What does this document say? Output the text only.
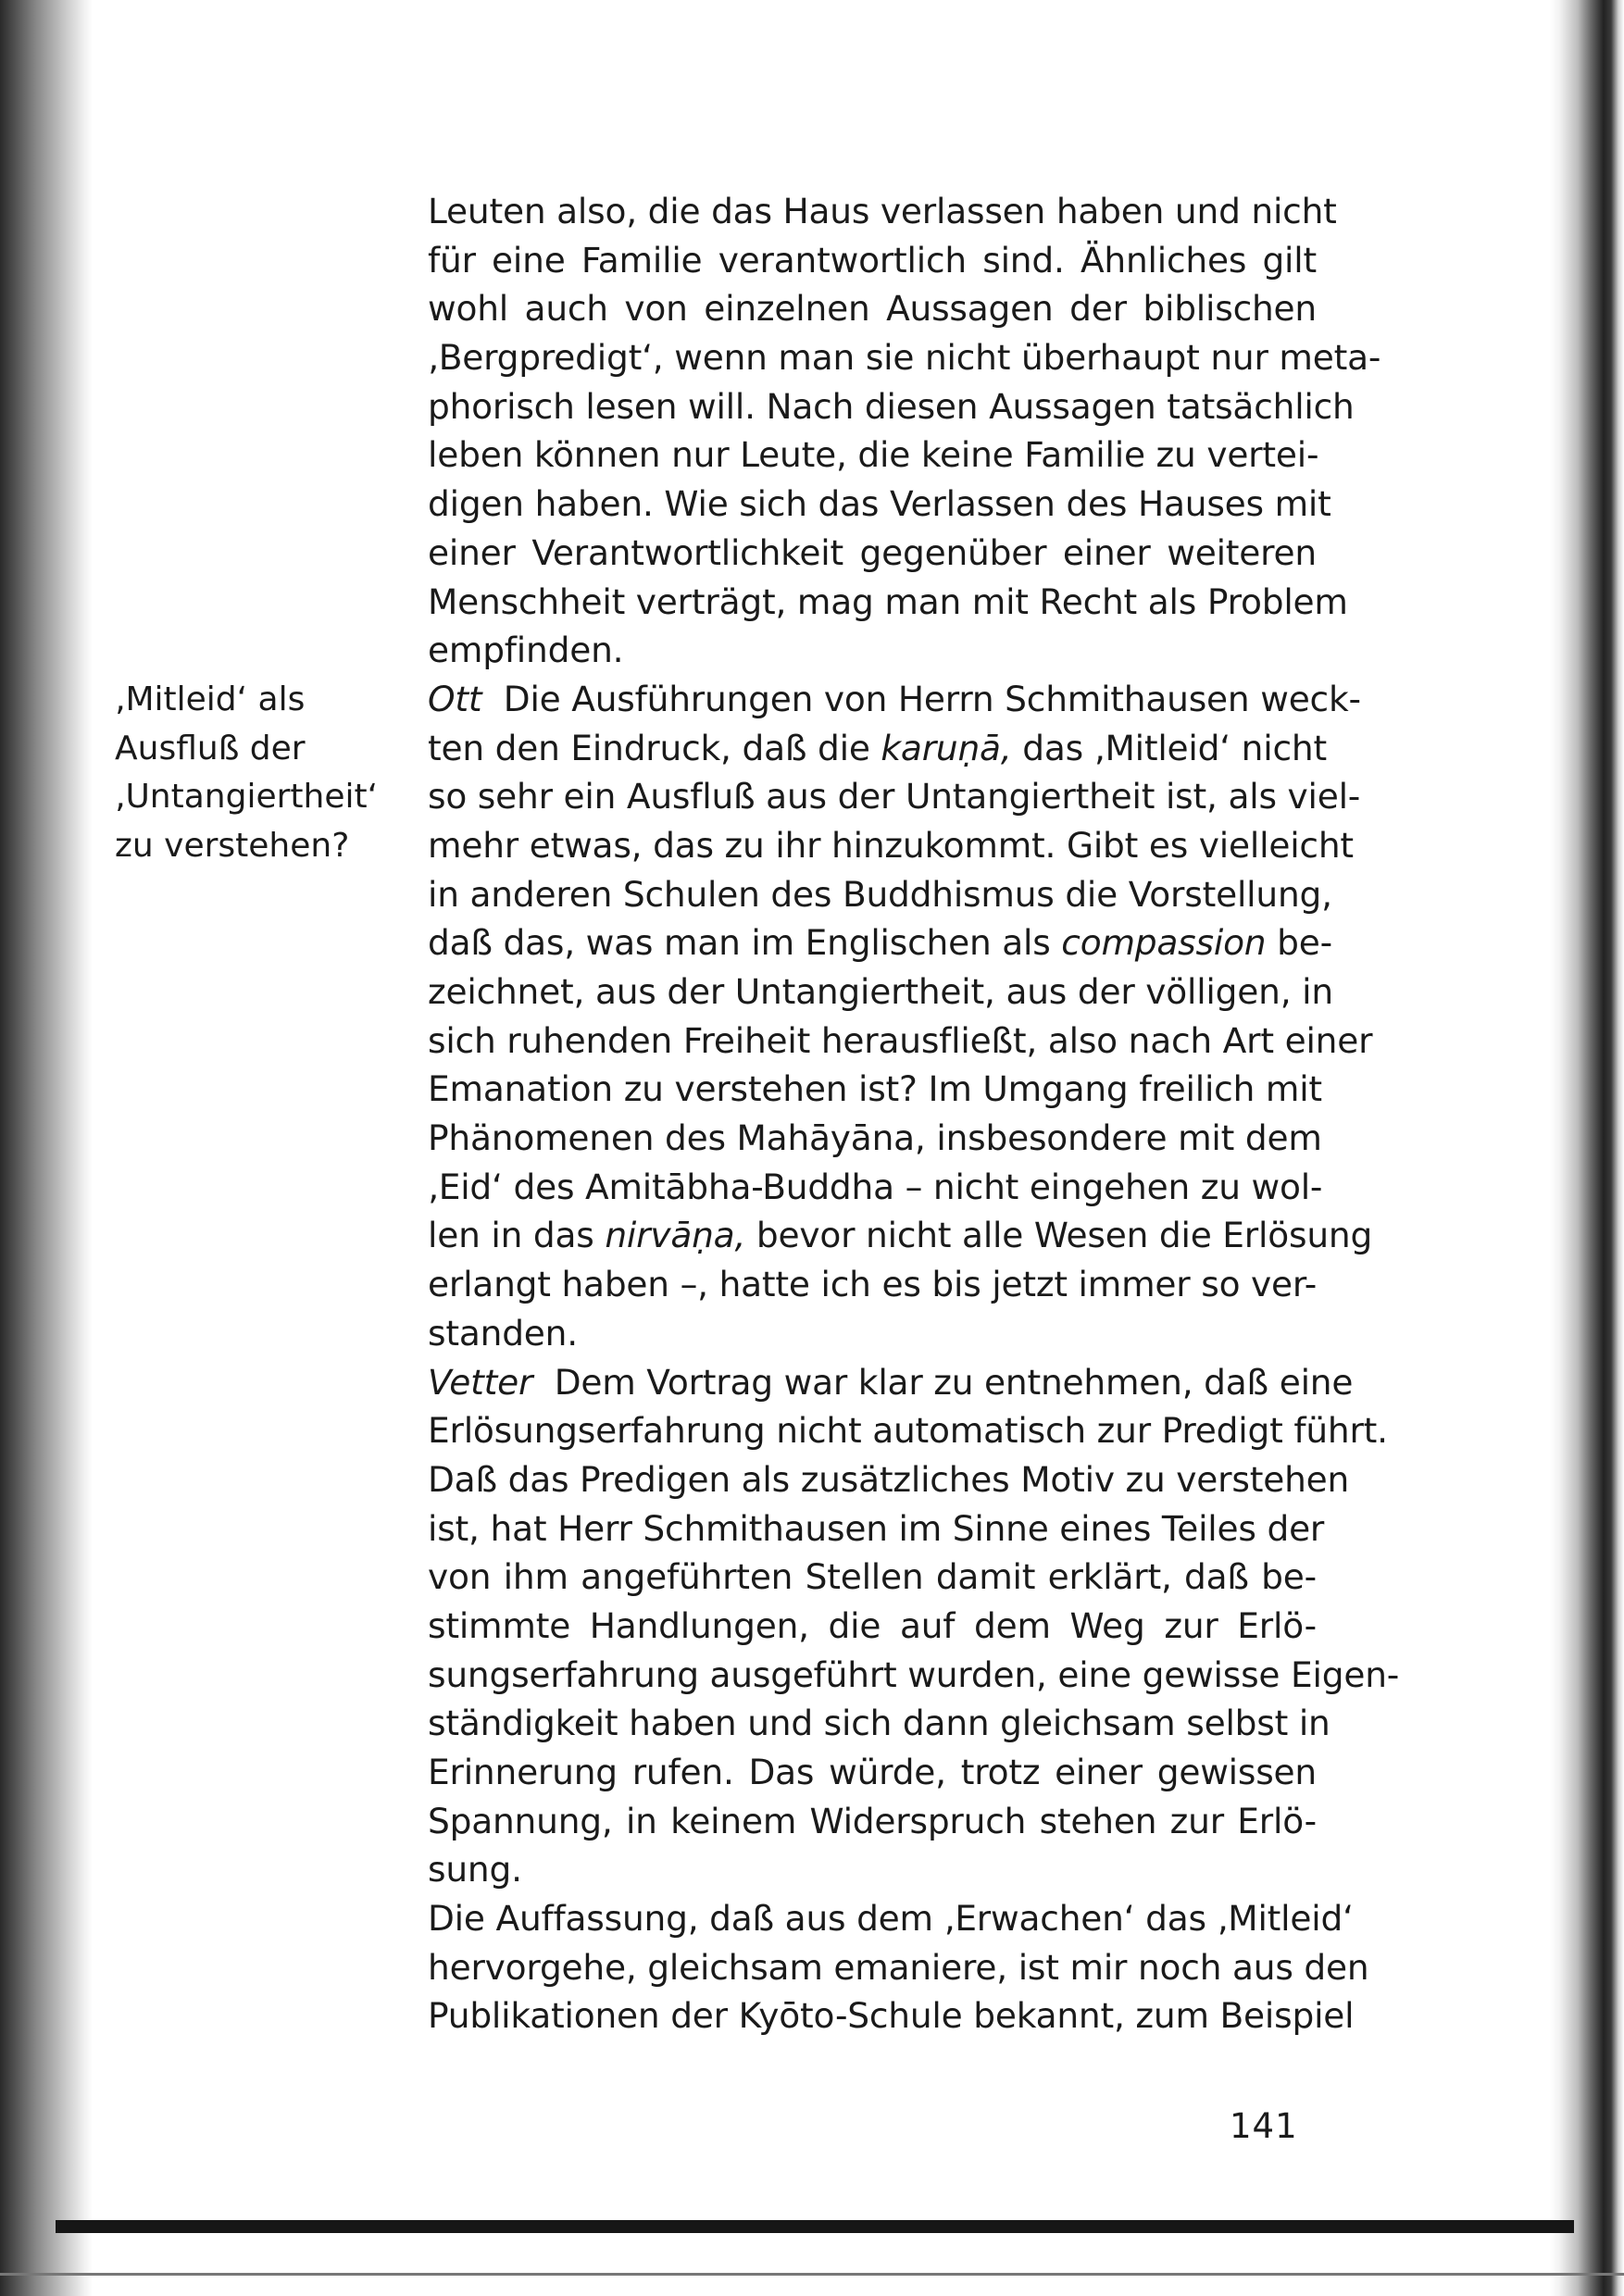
‚Mitleid‘ als
Ausfluß der
‚Untangiertheit‘
zu verstehen?
Leuten also, die das Haus verlassen haben und nicht
für eine Familie verantwortlich sind. Ähnliches gilt
wohl auch von einzelnen Aussagen der biblischen
‚Bergpredigt‘, wenn man sie nicht überhaupt nur meta-
phorisch lesen will. Nach diesen Aussagen tatsächlich
leben können nur Leute, die keine Familie zu vertei-
digen haben. Wie sich das Verlassen des Hauses mit
einer Verantwortlichkeit gegenüber einer weiteren
Menschheit verträgt, mag man mit Recht als Problem
empfinden.
Ott Die Ausführungen von Herrn Schmithausen weck-
ten den Eindruck, daß die karuṇā, das ‚Mitleid‘ nicht
so sehr ein Ausfluß aus der Untangiertheit ist, als viel-
mehr etwas, das zu ihr hinzukommt. Gibt es vielleicht
in anderen Schulen des Buddhismus die Vorstellung,
daß das, was man im Englischen als compassion be-
zeichnet, aus der Untangiertheit, aus der völligen, in
sich ruhenden Freiheit herausfließt, also nach Art einer
Emanation zu verstehen ist? Im Umgang freilich mit
Phänomenen des Mahāyāna, insbesondere mit dem
‚Eid‘ des Amitābha-Buddha – nicht eingehen zu wol-
len in das nirvāṇa, bevor nicht alle Wesen die Erlösung
erlangt haben –, hatte ich es bis jetzt immer so ver-
standen.
Vetter Dem Vortrag war klar zu entnehmen, daß eine
Erlösungserfahrung nicht automatisch zur Predigt führt.
Daß das Predigen als zusätzliches Motiv zu verstehen
ist, hat Herr Schmithausen im Sinne eines Teiles der
von ihm angeführten Stellen damit erklärt, daß be-
stimmte Handlungen, die auf dem Weg zur Erlö-
sungserfahrung ausgeführt wurden, eine gewisse Eigen-
ständigkeit haben und sich dann gleichsam selbst in
Erinnerung rufen. Das würde, trotz einer gewissen
Spannung, in keinem Widerspruch stehen zur Erlö-
sung.
Die Auffassung, daß aus dem ‚Erwachen‘ das ‚Mitleid‘
hervorgehe, gleichsam emaniere, ist mir noch aus den
Publikationen der Kyōto-Schule bekannt, zum Beispiel
141
